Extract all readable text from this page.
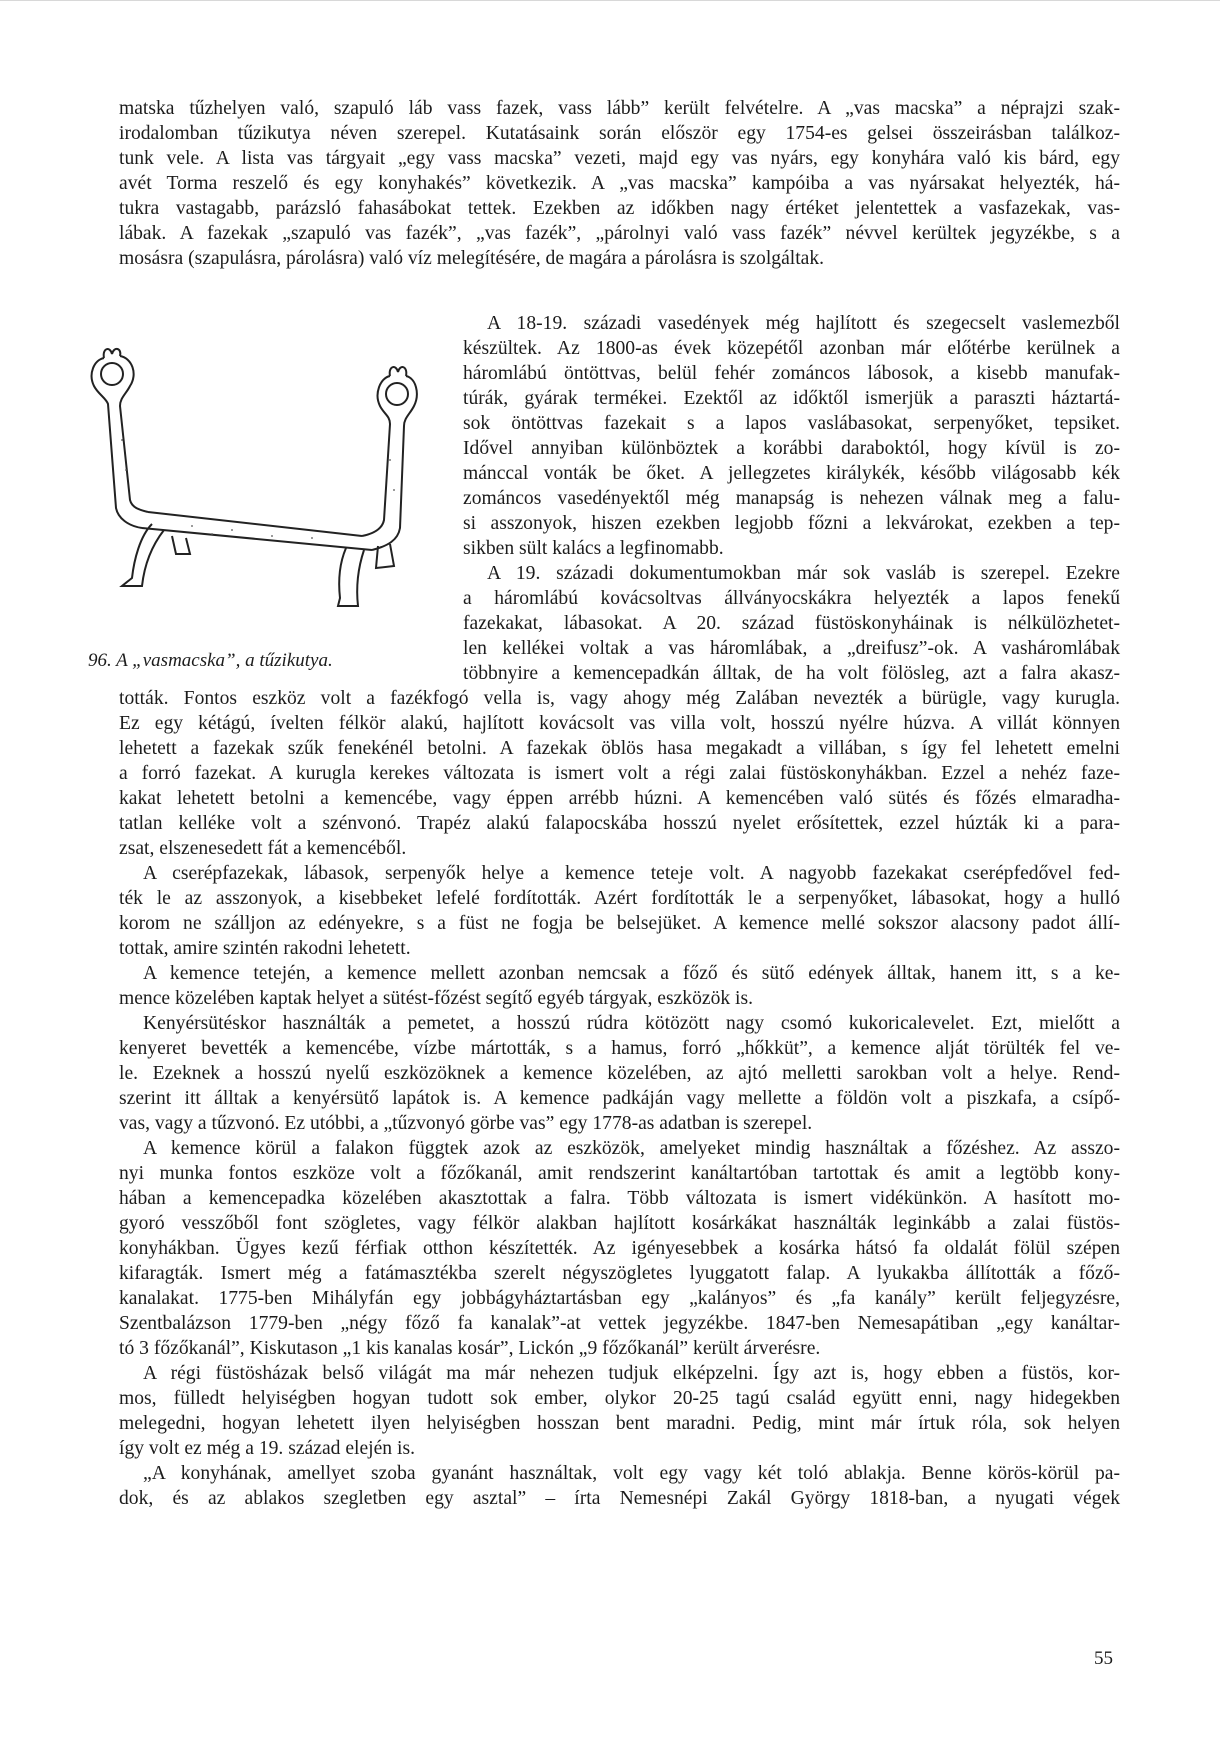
matska tűzhelyen való, szapuló láb vass fazek, vass lább” került felvételre. A „vas macska” a néprajzi szak-
irodalomban tűzikutya néven szerepel. Kutatásaink során először egy 1754-es gelsei összeirásban találkoz-
tunk vele. A lista vas tárgyait „egy vass macska” vezeti, majd egy vas nyárs, egy konyhára való kis bárd, egy
avét Torma reszelő és egy konyhakés” következik. A „vas macska” kampóiba a vas nyársakat helyezték, há-
tukra vastagabb, parázsló fahasábokat tettek. Ezekben az időkben nagy értéket jelentettek a vasfazekak, vas-
lábak. A fazekak „szapuló vas fazék”, „vas fazék”, „párolnyi való vass fazék” névvel kerültek jegyzékbe, s a
mosásra (szapulásra, párolásra) való víz melegítésére, de magára a párolásra is szolgáltak.
96. A „vasmacska”, a tűzikutya.
A 18-19. századi vasedények még hajlított és szegecselt vaslemezből
készültek. Az 1800-as évek közepétől azonban már előtérbe kerülnek a
háromlábú öntöttvas, belül fehér zománcos lábosok, a kisebb manufak-
túrák, gyárak termékei. Ezektől az időktől ismerjük a paraszti háztartá-
sok öntöttvas fazekait s a lapos vaslábasokat, serpenyőket, tepsiket.
Idővel annyiban különböztek a korábbi daraboktól, hogy kívül is zo-
mánccal vonták be őket. A jellegzetes királykék, később világosabb kék
zománcos vasedényektől még manapság is nehezen válnak meg a falu-
si asszonyok, hiszen ezekben legjobb főzni a lekvárokat, ezekben a tep-
sikben sült kalács a legfinomabb.
A 19. századi dokumentumokban már sok vasláb is szerepel. Ezekre
a háromlábú kovácsoltvas állványocskákra helyezték a lapos fenekű
fazekakat, lábasokat. A 20. század füstöskonyháinak is nélkülözhetet-
len kellékei voltak a vas háromlábak, a „dreifusz”-ok. A vasháromlábak
többnyire a kemencepadkán álltak, de ha volt fölösleg, azt a falra akasz-
tották. Fontos eszköz volt a fazékfogó vella is, vagy ahogy még Zalában nevezték a bürügle, vagy kurugla.
Ez egy kétágú, ívelten félkör alakú, hajlított kovácsolt vas villa volt, hosszú nyélre húzva. A villát könnyen
lehetett a fazekak szűk fenekénél betolni. A fazekak öblös hasa megakadt a villában, s így fel lehetett emelni
a forró fazekat. A kurugla kerekes változata is ismert volt a régi zalai füstöskonyhákban. Ezzel a nehéz faze-
kakat lehetett betolni a kemencébe, vagy éppen arrébb húzni. A kemencében való sütés és főzés elmaradha-
tatlan kelléke volt a szénvonó. Trapéz alakú falapocskába hosszú nyelet erősítettek, ezzel húzták ki a para-
zsat, elszenesedett fát a kemencéből.
A cserépfazekak, lábasok, serpenyők helye a kemence teteje volt. A nagyobb fazekakat cserépfedővel fed-
ték le az asszonyok, a kisebbeket lefelé fordították. Azért fordították le a serpenyőket, lábasokat, hogy a hulló
korom ne szálljon az edényekre, s a füst ne fogja be belsejüket. A kemence mellé sokszor alacsony padot állí-
tottak, amire szintén rakodni lehetett.
A kemence tetején, a kemence mellett azonban nemcsak a főző és sütő edények álltak, hanem itt, s a ke-
mence közelében kaptak helyet a sütést-főzést segítő egyéb tárgyak, eszközök is.
Kenyérsütéskor használták a pemetet, a hosszú rúdra kötözött nagy csomó kukoricalevelet. Ezt, mielőtt a
kenyeret bevették a kemencébe, vízbe mártották, s a hamus, forró „hőkküt”, a kemence alját törülték fel ve-
le. Ezeknek a hosszú nyelű eszközöknek a kemence közelében, az ajtó melletti sarokban volt a helye. Rend-
szerint itt álltak a kenyérsütő lapátok is. A kemence padkáján vagy mellette a földön volt a piszkafa, a csípő-
vas, vagy a tűzvonó. Ez utóbbi, a „tűzvonyó görbe vas” egy 1778-as adatban is szerepel.
A kemence körül a falakon függtek azok az eszközök, amelyeket mindig használtak a főzéshez. Az asszo-
nyi munka fontos eszköze volt a főzőkanál, amit rendszerint kanáltartóban tartottak és amit a legtöbb kony-
hában a kemencepadka közelében akasztottak a falra. Több változata is ismert vidékünkön. A hasított mo-
gyoró vesszőből font szögletes, vagy félkör alakban hajlított kosárkákat használták leginkább a zalai füstös-
konyhákban. Ügyes kezű férfiak otthon készítették. Az igényesebbek a kosárka hátsó fa oldalát fölül szépen
kifaragták. Ismert még a fatámasztékba szerelt négyszögletes lyuggatott falap. A lyukakba állították a főző-
kanalakat. 1775-ben Mihályfán egy jobbágyháztartásban egy „kalányos” és „fa kanály” került feljegyzésre,
Szentbalázson 1779-ben „négy főző fa kanalak”-at vettek jegyzékbe. 1847-ben Nemesapátiban „egy kanáltar-
tó 3 főzőkanál”, Kiskutason „1 kis kanalas kosár”, Lickón „9 főzőkanál” került árverésre.
A régi füstösházak belső világát ma már nehezen tudjuk elképzelni. Így azt is, hogy ebben a füstös, kor-
mos, fülledt helyiségben hogyan tudott sok ember, olykor 20-25 tagú család együtt enni, nagy hidegekben
melegedni, hogyan lehetett ilyen helyiségben hosszan bent maradni. Pedig, mint már írtuk róla, sok helyen
így volt ez még a 19. század elején is.
„A konyhának, amellyet szoba gyanánt használtak, volt egy vagy két toló ablakja. Benne körös-körül pa-
dok, és az ablakos szegletben egy asztal” – írta Nemesnépi Zakál György 1818-ban, a nyugati végek
55
